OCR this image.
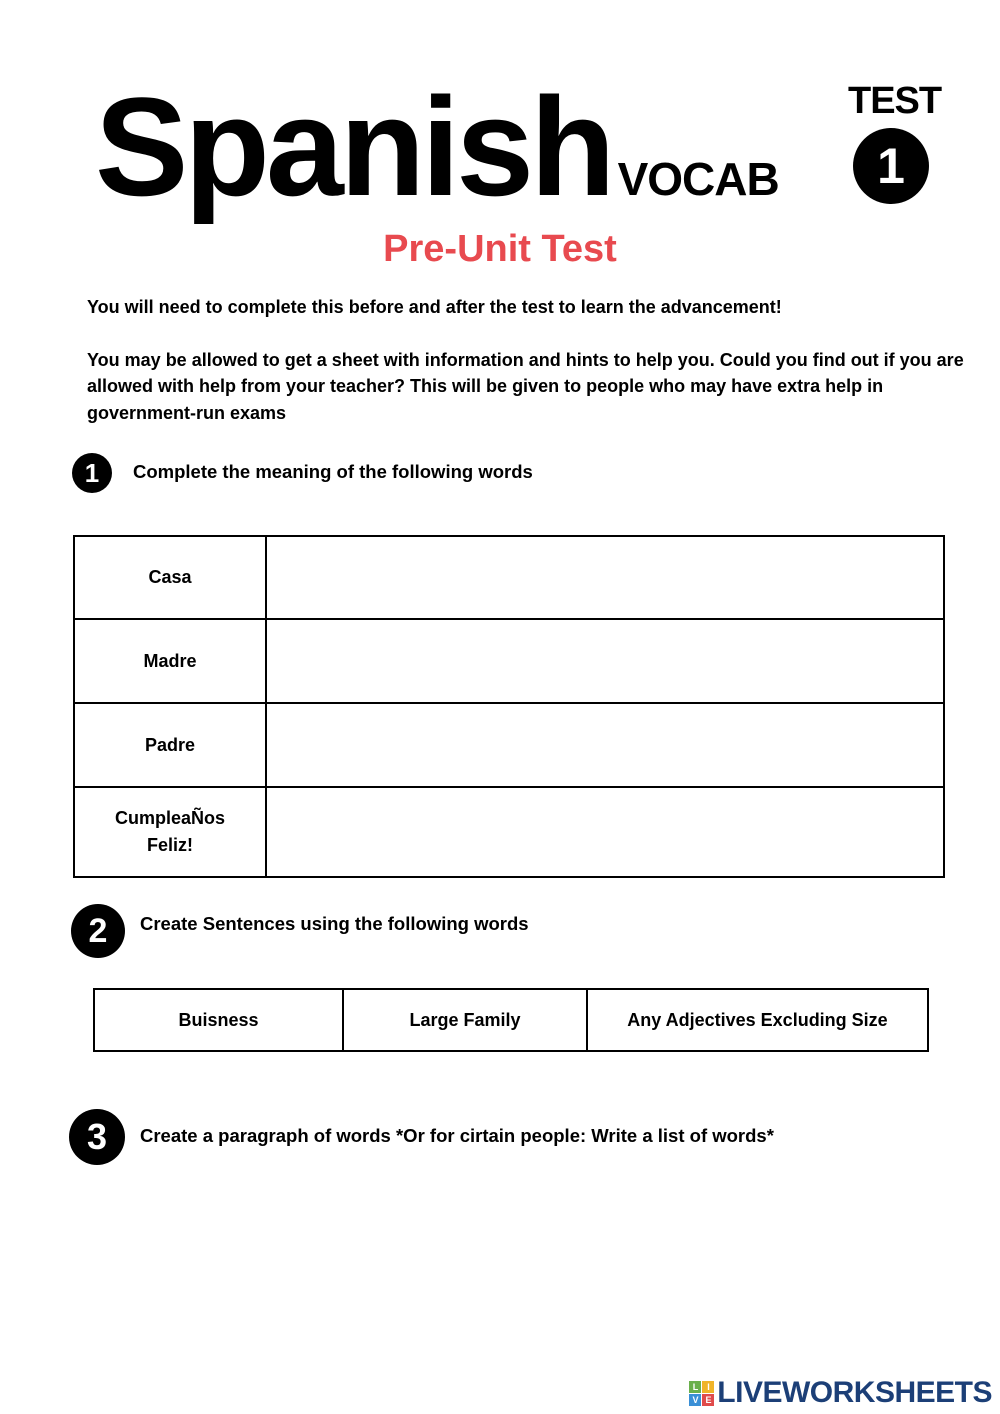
Spanish VOCAB
TEST
1
Pre-Unit Test
You will need to complete this before and after the test to learn the advancement!
You may be allowed to get a sheet with information and hints to help you. Could you find out if you are allowed with help from your teacher? This will be given to people who may have extra help in government-run exams
1	Complete the meaning of the following words
Casa	
Madre	
Padre	
CumpleaÑos Feliz!	
2	Create Sentences using the following words
Buisness	Large Family	Any Adjectives Excluding Size
3	Create a paragraph of words *Or for cirtain people: Write a list of words*
L	I
V E LIVEWORKSHEETS
